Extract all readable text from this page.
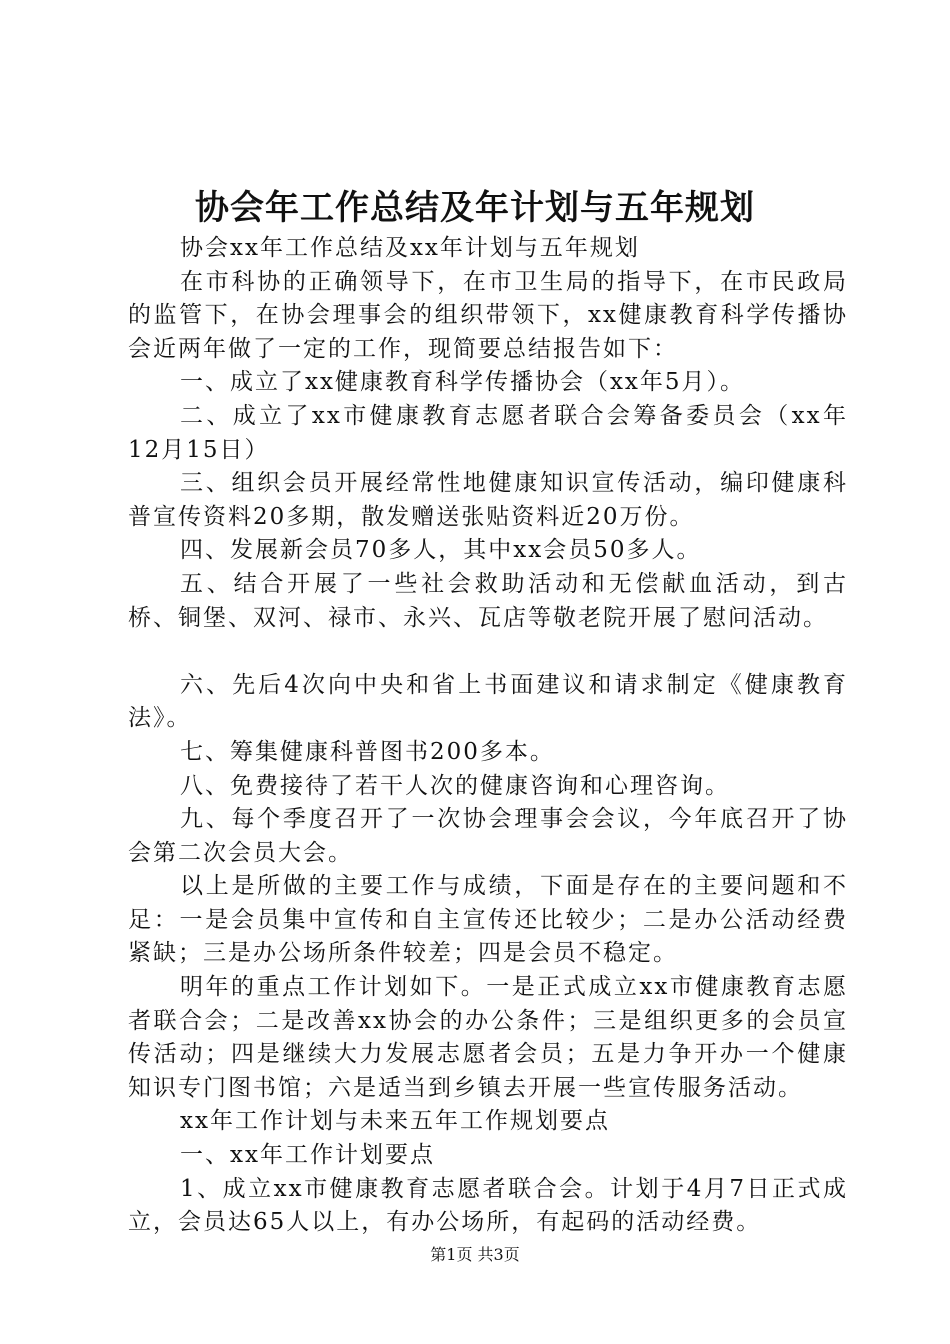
协会年工作总结及年计划与五年规划

协会xx年工作总结及xx年计划与五年规划

在市科协的正确领导下，在市卫生局的指导下，在市民政局的监管下，在协会理事会的组织带领下，xx健康教育科学传播协会近两年做了一定的工作，现简要总结报告如下：

一、成立了xx健康教育科学传播协会（xx年5月）。

二、成立了xx市健康教育志愿者联合会筹备委员会（xx年12月15日）

三、组织会员开展经常性地健康知识宣传活动，编印健康科普宣传资料20多期，散发赠送张贴资料近20万份。

四、发展新会员70多人，其中xx会员50多人。

五、结合开展了一些社会救助活动和无偿献血活动，到古桥、铜堡、双河、禄市、永兴、瓦店等敬老院开展了慰问活动。

六、先后4次向中央和省上书面建议和请求制定《健康教育法》。

七、筹集健康科普图书200多本。

八、免费接待了若干人次的健康咨询和心理咨询。

九、每个季度召开了一次协会理事会会议，今年底召开了协会第二次会员大会。

以上是所做的主要工作与成绩，下面是存在的主要问题和不足：一是会员集中宣传和自主宣传还比较少；二是办公活动经费紧缺；三是办公场所条件较差；四是会员不稳定。

明年的重点工作计划如下。一是正式成立xx市健康教育志愿者联合会；二是改善xx协会的办公条件；三是组织更多的会员宣传活动；四是继续大力发展志愿者会员；五是力争开办一个健康知识专门图书馆；六是适当到乡镇去开展一些宣传服务活动。

xx年工作计划与未来五年工作规划要点

一、xx年工作计划要点

1、成立xx市健康教育志愿者联合会。计划于4月7日正式成立，会员达65人以上，有办公场所，有起码的活动经费。

第1页 共3页
